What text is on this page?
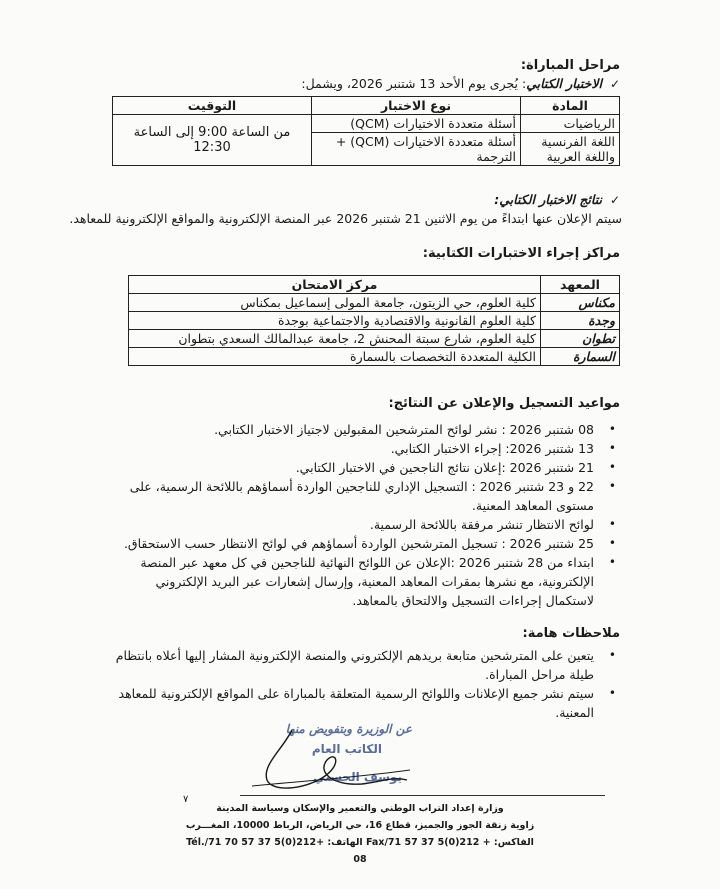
مراحل المباراة:
✓ الاختبار الكتابي: يُجرى يوم الأحد 13 شتنبر 2026، ويشمل:
المادة	نوع الاختبار	التوقيت
الرياضيات	أسئلة متعددة الاختيارات (QCM)	من الساعة 9:00 إلى الساعة 12:30
اللغة الفرنسية واللغة العربية	أسئلة متعددة الاختيارات (QCM) + الترجمة	
✓ نتائج الاختبار الكتابي:
سيتم الإعلان عنها ابتداءً من يوم الاثنين 21 شتنبر 2026 عبر المنصة الإلكترونية والمواقع الإلكترونية للمعاهد.
مراكز إجراء الاختبارات الكتابية:
المعهد	مركز الامتحان
مكناس	كلية العلوم، حي الزيتون، جامعة المولى إسماعيل بمكناس
وجدة	كلية العلوم القانونية والاقتصادية والاجتماعية بوجدة
تطوان	كلية العلوم، شارع سبتة المحنش 2، جامعة عبدالمالك السعدي بتطوان
السمارة	الكلية المتعددة التخصصات بالسمارة
مواعيد التسجيل والإعلان عن النتائج:
• 08 شتنبر 2026 : نشر لوائح المترشحين المقبولين لاجتياز الاختبار الكتابي.
• 13 شتنبر 2026: إجراء الاختبار الكتابي.
• 21 شتنبر 2026 :إعلان نتائج الناجحين في الاختبار الكتابي.
• 22 و 23 شتنبر 2026 : التسجيل الإداري للناجحين الواردة أسماؤهم باللائحة الرسمية، على مستوى المعاهد المعنية.
• لوائح الانتظار تنشر مرفقة باللائحة الرسمية.
• 25 شتنبر 2026 : تسجيل المترشحين الواردة أسماؤهم في لوائح الانتظار حسب الاستحقاق.
• ابتداء من 28 شتنبر 2026 :الإعلان عن اللوائح النهائية للناجحين في كل معهد عبر المنصة الإلكترونية، مع نشرها بمقرات المعاهد المعنية، وإرسال إشعارات عبر البريد الإلكتروني لاستكمال إجراءات التسجيل والالتحاق بالمعاهد.
ملاحظات هامة:
• يتعين على المترشحين متابعة بريدهم الإلكتروني والمنصة الإلكترونية المشار إليها أعلاه بانتظام طيلة مراحل المباراة.
• سيتم نشر جميع الإعلانات واللوائح الرسمية المتعلقة بالمباراة على المواقع الإلكترونية للمعاهد المعنية.
عن الوزيرة وبتفويض منها
الكاتب العام
يوسف الحسني
٧
وزارة إعداد التراب الوطني والتعمير والإسكان وسياسة المدينة
زاوية زنقة الجوز والجميز، قطاع 16، حي الرياض، الرباط 10000، المغـــرب
Tél./الهاتف: +212(0)5 37 57 70 71 Fax/الفاكس: + 212(0)5 37 57 71 08
